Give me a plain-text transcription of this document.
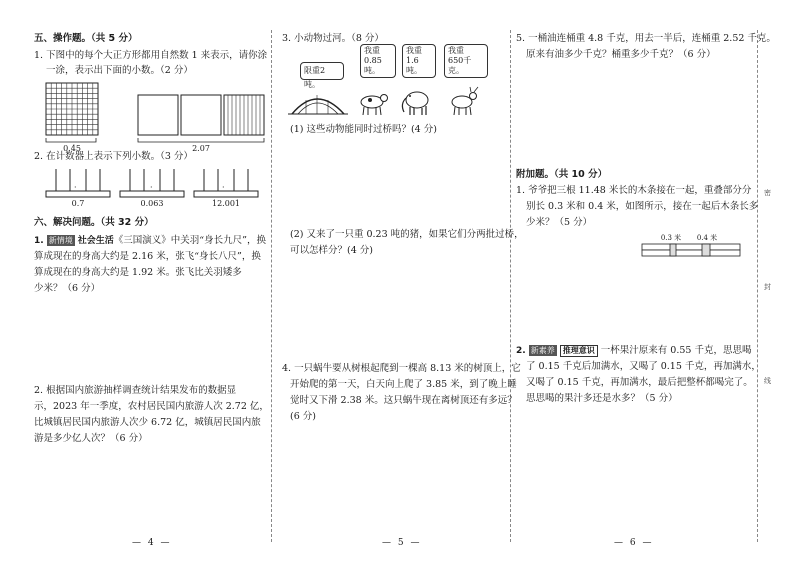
密
封
线
五、操作题。（共 5 分）
1. 下图中的每个大正方形都用自然数 1 来表示，请你涂
一涂，表示出下面的小数。（2 分）
0.45	2.07
2. 在计数器上表示下列小数。（3 分）
·	·	·
0.7	0.063	12.001
六、解决问题。（共 32 分）
1. 新情境 社会生活《三国演义》中关羽“身长九尺”，换
算成现在的身高大约是 2.16 米，张飞“身长八尺”，换
算成现在的身高大约是 1.92 米。张飞比关羽矮多
少米？（6 分）
2. 根据国内旅游抽样调查统计结果发布的数据显
示，2023 年一季度，农村居民国内旅游人次 2.72 亿，
比城镇居民国内旅游人次少 6.72 亿，城镇居民国内旅
游是多少亿人次？（6 分）
— 4 —
3. 小动物过河。（8 分）
限重2吨。
我重
0.85吨。
我重
1.6吨。
我重
650千克。
(1) 这些动物能同时过桥吗？(4 分)
(2) 又来了一只重 0.23 吨的猪，如果它们分两批过桥，
可以怎样分？(4 分)
4. 一只蜗牛要从树根起爬到一棵高 8.13 米的树顶上，它
开始爬的第一天，白天向上爬了 3.85 米，到了晚上睡
觉时又下滑 2.38 米。这只蜗牛现在离树顶还有多远？
(6 分)
— 5 —
5. 一桶油连桶重 4.8 千克，用去一半后，连桶重 2.52 千克。
原来有油多少千克？桶重多少千克？（6 分）
附加题。（共 10 分）
1. 爷爷把三根 11.48 米长的木条接在一起，重叠部分分
别长 0.3 米和 0.4 米，如图所示，接在一起后木条长多
少米？（5 分）
0.3 米	0.4 米
2. 新素养 推理意识 一杯果汁原来有 0.55 千克，思思喝
了 0.15 千克后加满水，又喝了 0.15 千克，再加满水，
又喝了 0.15 千克，再加满水，最后把整杯都喝完了。
思思喝的果汁多还是水多？（5 分）
— 6 —
